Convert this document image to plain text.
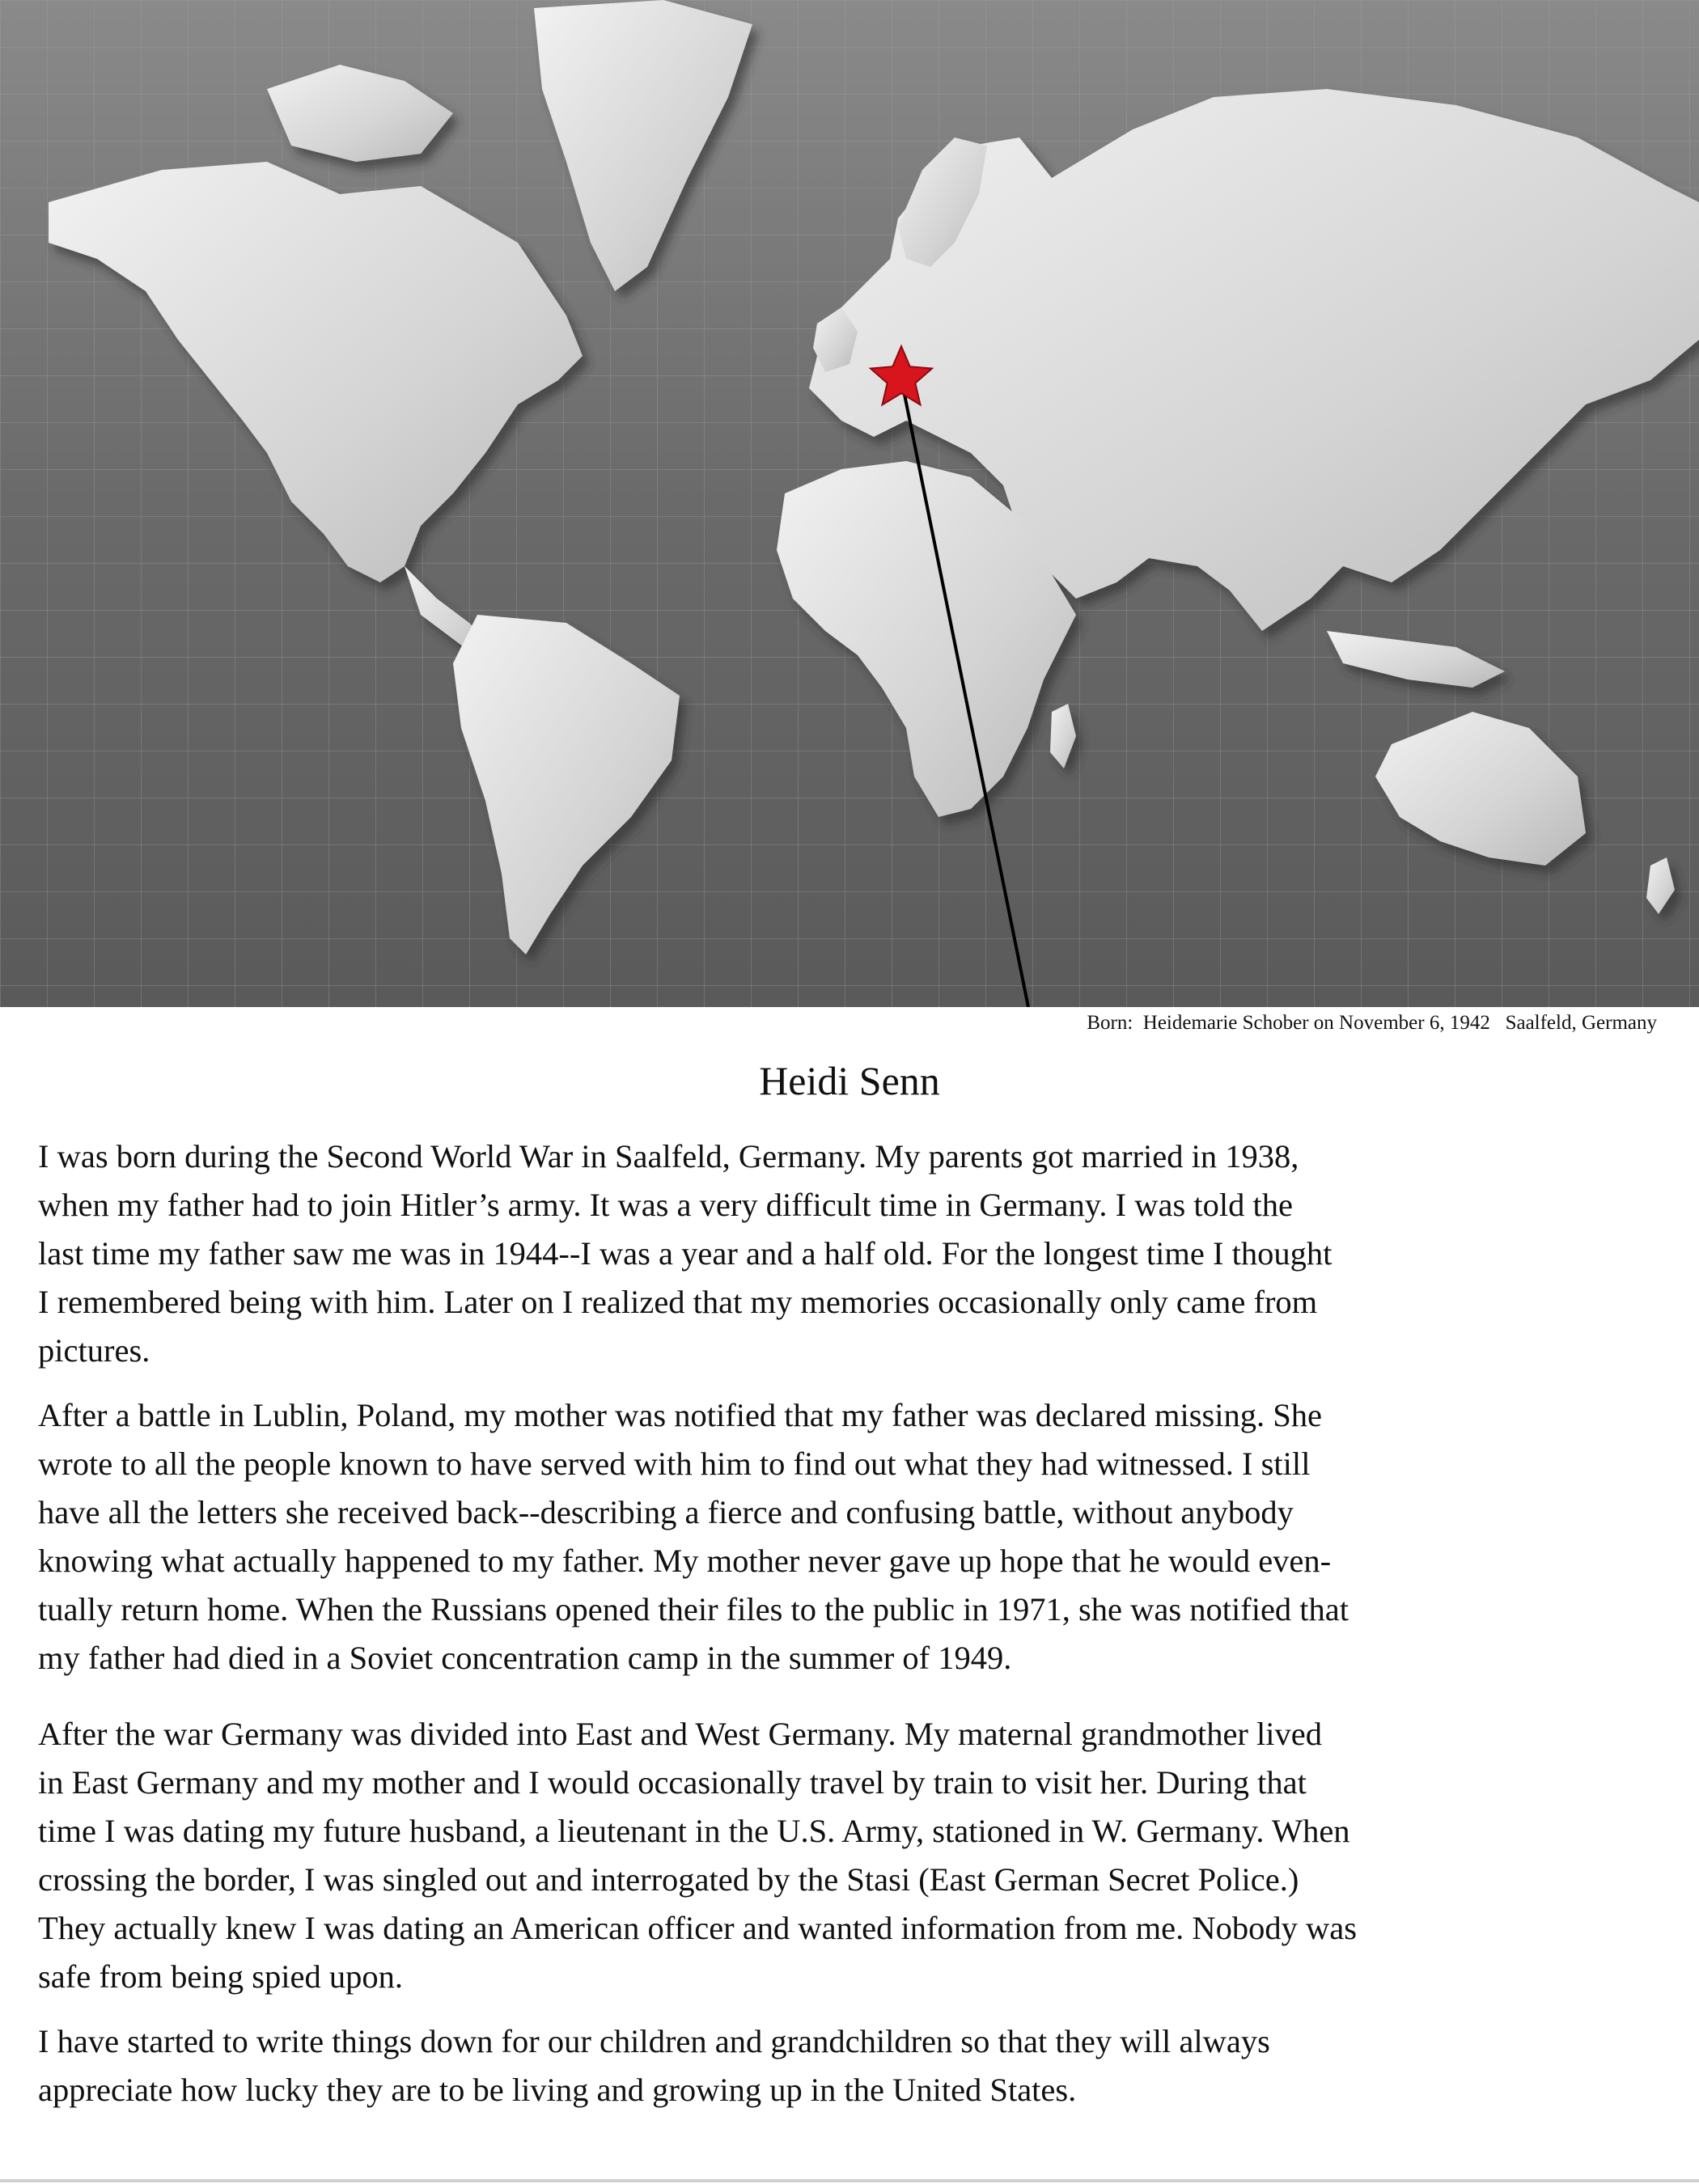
Born:  Heidemarie Schober on November 6, 1942   Saalfeld, Germany
Heidi Senn

I was born during the Second World War in Saalfeld, Germany. My parents got married in 1938,
when my father had to join Hitler’s army. It was a very difficult time in Germany. I was told the
last time my father saw me was in 1944--I was a year and a half old. For the longest time I thought
I remembered being with him. Later on I realized that my memories occasionally only came from
pictures.

After a battle in Lublin, Poland, my mother was notified that my father was declared missing. She
wrote to all the people known to have served with him to find out what they had witnessed. I still
have all the letters she received back--describing a fierce and confusing battle, without anybody
knowing what actually happened to my father. My mother never gave up hope that he would even-
tually return home. When the Russians opened their files to the public in 1971, she was notified that
my father had died in a Soviet concentration camp in the summer of 1949.

After the war Germany was divided into East and West Germany. My maternal grandmother lived
in East Germany and my mother and I would occasionally travel by train to visit her. During that
time I was dating my future husband, a lieutenant in the U.S. Army, stationed in W. Germany. When
crossing the border, I was singled out and interrogated by the Stasi (East German Secret Police.)
They actually knew I was dating an American officer and wanted information from me. Nobody was
safe from being spied upon.

I have started to write things down for our children and grandchildren so that they will always
appreciate how lucky they are to be living and growing up in the United States.
